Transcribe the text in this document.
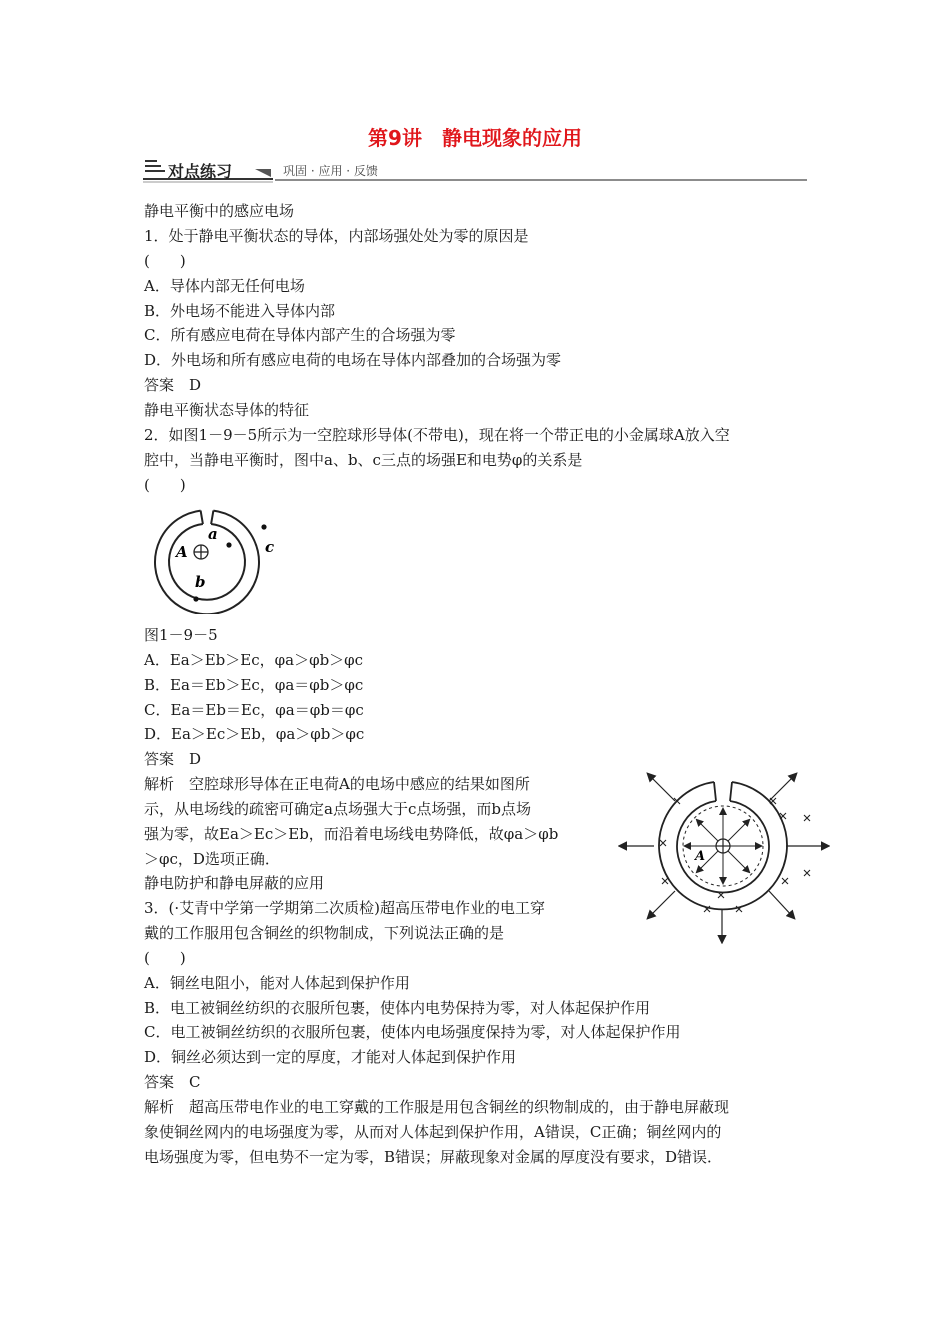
第9讲　静电现象的应用
对点练习	巩固 · 应用 · 反馈
静电平衡中的感应电场
1．处于静电平衡状态的导体，内部场强处处为零的原因是
(　　)
A．导体内部无任何电场
B．外电场不能进入导体内部
C．所有感应电荷在导体内部产生的合场强为零
D．外电场和所有感应电荷的电场在导体内部叠加的合场强为零
答案　D
静电平衡状态导体的特征
2．如图1－9－5所示为一空腔球形导体(不带电)，现在将一个带正电的小金属球A放入空
腔中，当静电平衡时，图中a、b、c三点的场强E和电势φ的关系是
(　　)
A
a
b
c
图1－9－5
A．Ea＞Eb＞Ec，φa＞φb＞φc
B．Ea＝Eb＞Ec，φa＝φb＞φc
C．Ea＝Eb＝Ec，φa＝φb＝φc
D．Ea＞Ec＞Eb，φa＞φb＞φc
答案　D
解析　空腔球形导体在正电荷A的电场中感应的结果如图所
示，从电场线的疏密可确定a点场强大于c点场强，而b点场
强为零，故Ea＞Ec＞Eb，而沿着电场线电势降低，故φa＞φb
＞φc，D选项正确．	A
静电防护和静电屏蔽的应用
3．(·艾青中学第一学期第二次质检)超高压带电作业的电工穿
戴的工作服用包含铜丝的织物制成，下列说法正确的是
(　　)
A．铜丝电阻小，能对人体起到保护作用
B．电工被铜丝纺织的衣服所包裹，使体内电势保持为零，对人体起保护作用
C．电工被铜丝纺织的衣服所包裹，使体内电场强度保持为零，对人体起保护作用
D．铜丝必须达到一定的厚度，才能对人体起到保护作用
答案　C
解析　超高压带电作业的电工穿戴的工作服是用包含铜丝的织物制成的，由于静电屏蔽现
象使铜丝网内的电场强度为零，从而对人体起到保护作用，A错误，C正确；铜丝网内的
电场强度为零，但电势不一定为零，B错误；屏蔽现象对金属的厚度没有要求，D错误．
